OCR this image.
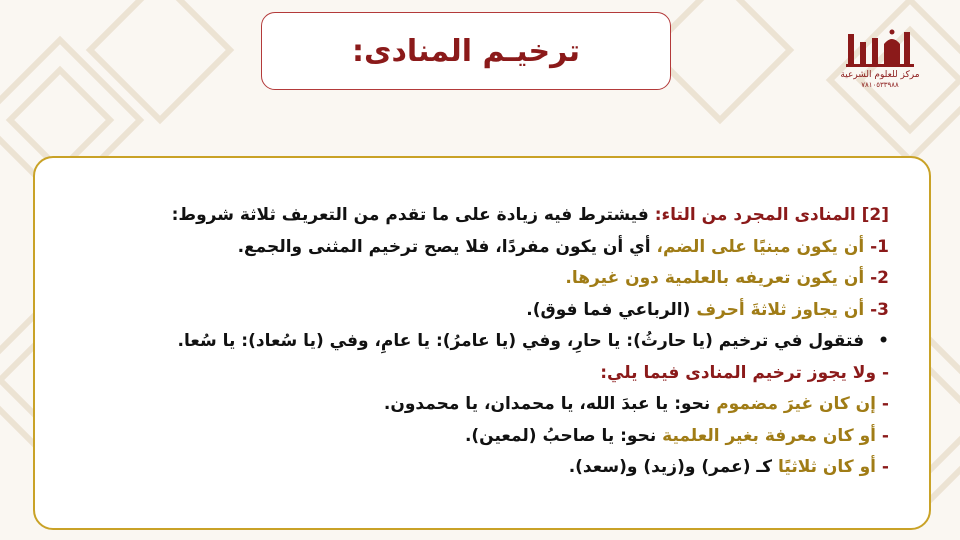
ترخيـم المنادى:
مركز للعلوم الشرعية
٧٨١٠٥٣٣٩٨٨
[2] المنادى المجرد من التاء: فيشترط فيه زيادة على ما تقدم من التعريف ثلاثة شروط:
1- أن يكون مبنيًا على الضم، أي أن يكون مفردًا، فلا يصح ترخيم المثنى والجمع.
2- أن يكون تعريفه بالعلمية دون غيرها.
3- أن يجاوز ثلاثةَ أحرف (الرباعي فما فوق).
•فتقول في ترخيم (يا حارثُ): يا حارِ، وفي (يا عامرُ): يا عامِ، وفي (يا سُعاد): يا سُعا.
- ولا يجوز ترخيم المنادى فيما يلي:
- إن كان غيرَ مضموم نحو: يا عبدَ الله، يا محمدان، يا محمدون.
- أو كان معرفة بغير العلمية نحو: يا صاحبُ (لمعين).
- أو كان ثلاثيًا كـ (عمر) و(زيد) و(سعد).
